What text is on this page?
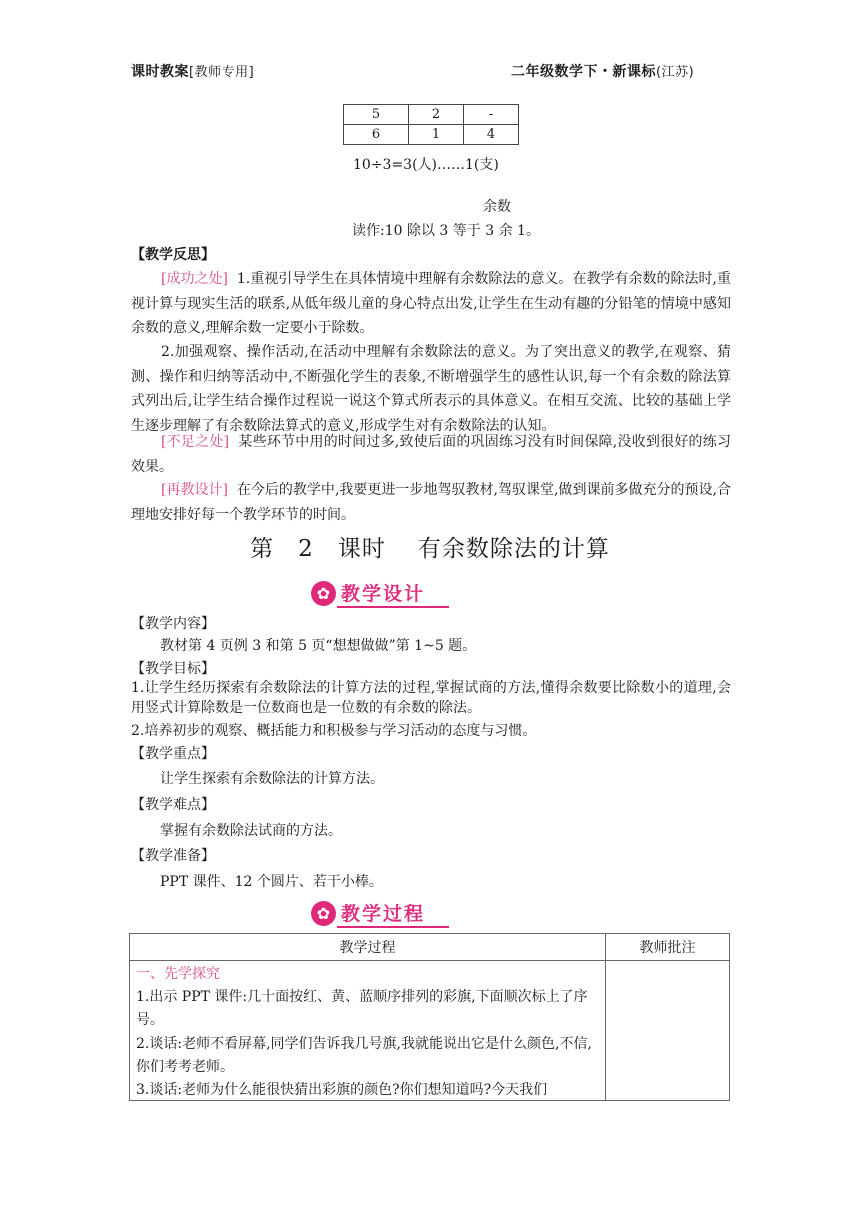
课时教案[教师专用]	二年级数学下・新课标(江苏)
5	2	-
6	1	4
10÷3=3(人)……1(支)
余数
读作:10 除以 3 等于 3 余 1。
【教学反思】
[成功之处] 1.重视引导学生在具体情境中理解有余数除法的意义。在教学有余数的除法时,重视计算与现实生活的联系,从低年级儿童的身心特点出发,让学生在生动有趣的分铅笔的情境中感知余数的意义,理解余数一定要小于除数。
2.加强观察、操作活动,在活动中理解有余数除法的意义。为了突出意义的教学,在观察、猜测、操作和归纳等活动中,不断强化学生的表象,不断增强学生的感性认识,每一个有余数的除法算式列出后,让学生结合操作过程说一说这个算式所表示的具体意义。在相互交流、比较的基础上学生逐步理解了有余数除法算式的意义,形成学生对有余数除法的认知。
[不足之处] 某些环节中用的时间过多,致使后面的巩固练习没有时间保障,没收到很好的练习效果。
[再教设计] 在今后的教学中,我要更进一步地驾驭教材,驾驭课堂,做到课前多做充分的预设,合理地安排好每一个教学环节的时间。
第 2 课时 有余数除法的计算
✿ 教学设计
【教学内容】
教材第 4 页例 3 和第 5 页“想想做做”第 1~5 题。
【教学目标】
1.让学生经历探索有余数除法的计算方法的过程,掌握试商的方法,懂得余数要比除数小的道理,会用竖式计算除数是一位数商也是一位数的有余数的除法。
2.培养初步的观察、概括能力和积极参与学习活动的态度与习惯。
【教学重点】
让学生探索有余数除法的计算方法。
【教学难点】
掌握有余数除法试商的方法。
【教学准备】
PPT 课件、12 个圆片、若干小棒。
✿ 教学过程
教学过程	教师批注

一、先学探究
1.出示 PPT 课件:几十面按红、黄、蓝顺序排列的彩旗,下面顺次标上了序号。
2.谈话:老师不看屏幕,同学们告诉我几号旗,我就能说出它是什么颜色,不信,你们考考老师。
3.谈话:老师为什么能很快猜出彩旗的颜色?你们想知道吗?今天我们	
